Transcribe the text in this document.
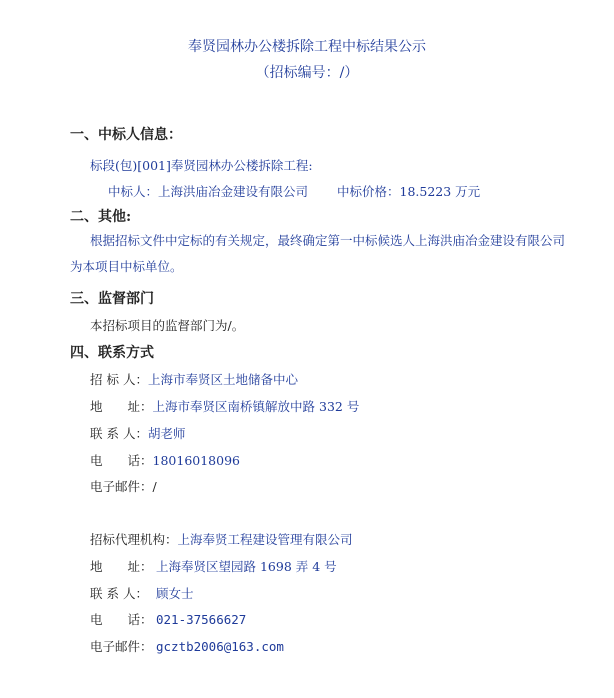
奉贤园林办公楼拆除工程中标结果公示
（招标编号：/）
一、中标人信息：
标段(包)[001]奉贤园林办公楼拆除工程:
中标人：上海洪庙冶金建设有限公司 中标价格：18.5223 万元
二、其他:
根据招标文件中定标的有关规定，最终确定第一中标候选人上海洪庙冶金建设有限公司为本项目中标单位。
三、监督部门
本招标项目的监督部门为/。
四、联系方式
招 标 人：上海市奉贤区土地储备中心
地　　址：上海市奉贤区南桥镇解放中路 332 号
联 系 人：胡老师
电　　话：18016018096
电子邮件：/
招标代理机构：上海奉贤工程建设管理有限公司
地　　址： 上海奉贤区望园路 1698 弄 4 号
联 系 人： 顾女士
电　　话： 021-37566627
电子邮件： gcztb2006@163.com
